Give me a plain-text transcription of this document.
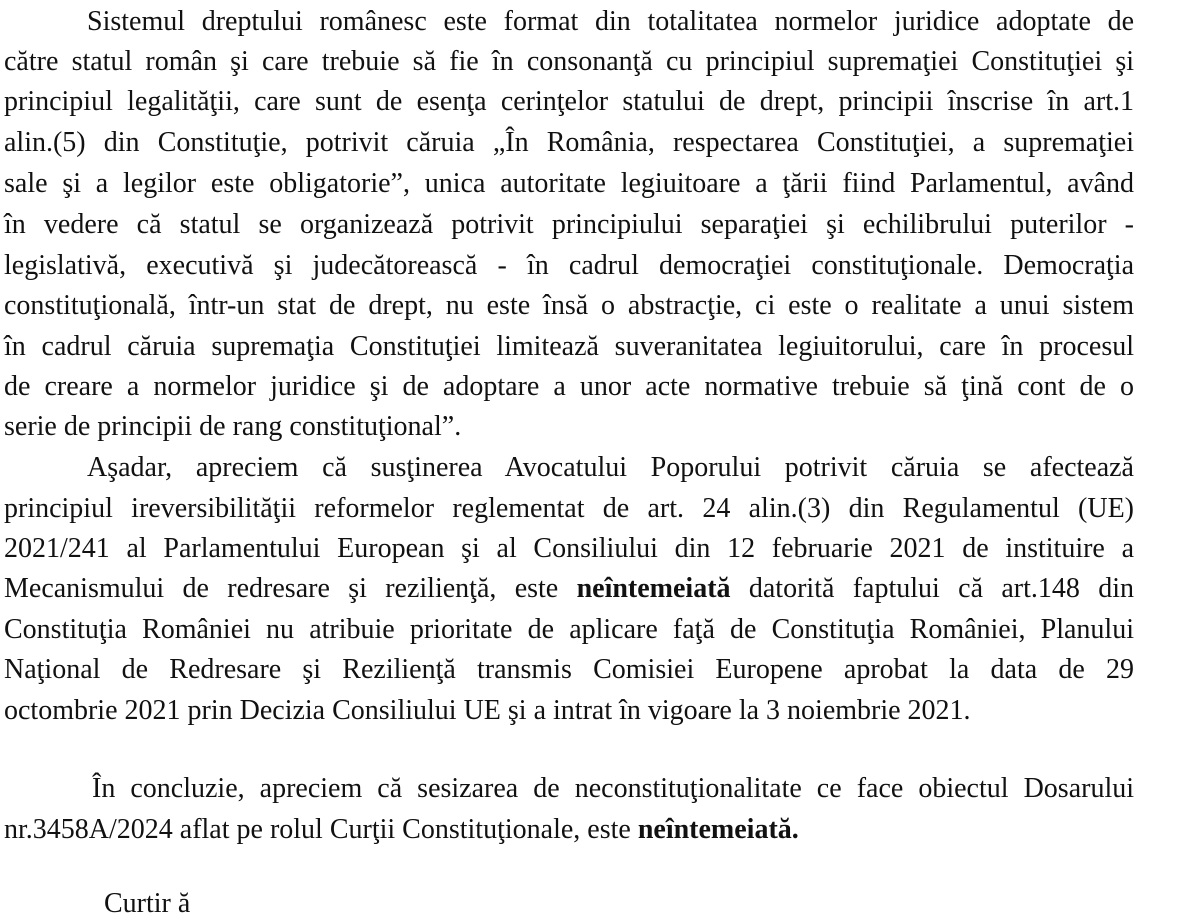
Sistemul dreptului românesc este format din totalitatea normelor juridice adoptate de
către statul român şi care trebuie să fie în consonanţă cu principiul supremaţiei Constituţiei şi
principiul legalităţii, care sunt de esenţa cerinţelor statului de drept, principii înscrise în art.1
alin.(5) din Constituţie, potrivit căruia „În România, respectarea Constituţiei, a supremaţiei
sale şi a legilor este obligatorie”, unica autoritate legiuitoare a ţării fiind Parlamentul, având
în vedere că statul se organizează potrivit principiului separaţiei şi echilibrului puterilor -
legislativă, executivă şi judecătorească - în cadrul democraţiei constituţionale. Democraţia
constituţională, într-un stat de drept, nu este însă o abstracţie, ci este o realitate a unui sistem
în cadrul căruia supremaţia Constituţiei limitează suveranitatea legiuitorului, care în procesul
de creare a normelor juridice şi de adoptare a unor acte normative trebuie să ţină cont de o
serie de principii de rang constituţional”.
Aşadar, apreciem că susţinerea Avocatului Poporului potrivit căruia se afectează
principiul ireversibilităţii reformelor reglementat de art. 24 alin.(3) din Regulamentul (UE)
2021/241 al Parlamentului European şi al Consiliului din 12 februarie 2021 de instituire a
Mecanismului de redresare şi rezilienţă, este neîntemeiată datorită faptului că art.148 din
Constituţia României nu atribuie prioritate de aplicare faţă de Constituţia României, Planului
Naţional de Redresare şi Rezilienţă transmis Comisiei Europene aprobat la data de 29
octombrie 2021 prin Decizia Consiliului UE şi a intrat în vigoare la 3 noiembrie 2021.
În concluzie, apreciem că sesizarea de neconstituţionalitate ce face obiectul Dosarului
nr.3458A/2024 aflat pe rolul Curţii Constituţionale, este neîntemeiată.
Curtir ă
